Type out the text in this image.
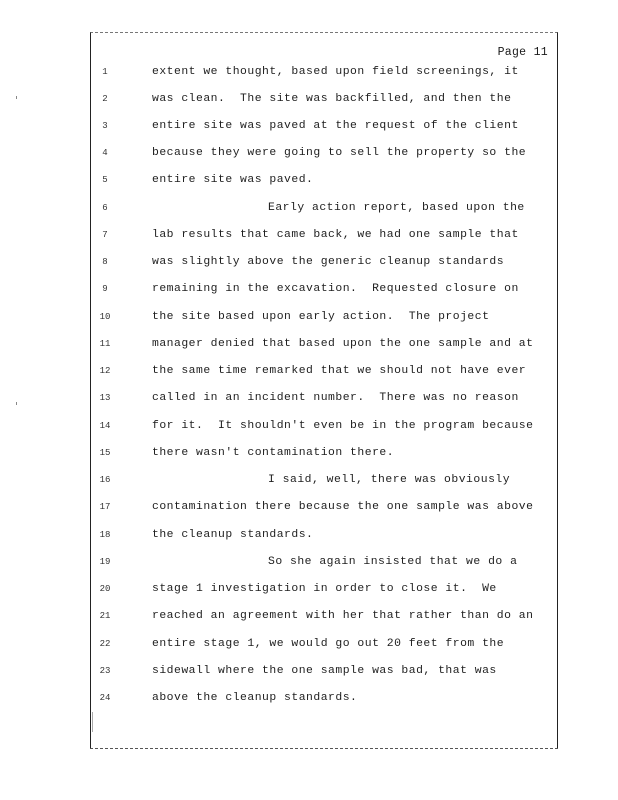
Page 11
1	extent we thought, based upon field screenings, it
2	was clean.  The site was backfilled, and then the
3	entire site was paved at the request of the client
4	because they were going to sell the property so the
5	entire site was paved.
6	Early action report, based upon the
7	lab results that came back, we had one sample that
8	was slightly above the generic cleanup standards
9	remaining in the excavation.  Requested closure on
10	the site based upon early action.  The project
11	manager denied that based upon the one sample and at
12	the same time remarked that we should not have ever
13	called in an incident number.  There was no reason
14	for it.  It shouldn't even be in the program because
15	there wasn't contamination there.
16	I said, well, there was obviously
17	contamination there because the one sample was above
18	the cleanup standards.
19	So she again insisted that we do a
20	stage 1 investigation in order to close it.  We
21	reached an agreement with her that rather than do an
22	entire stage 1, we would go out 20 feet from the
23	sidewall where the one sample was bad, that was
24	above the cleanup standards.
